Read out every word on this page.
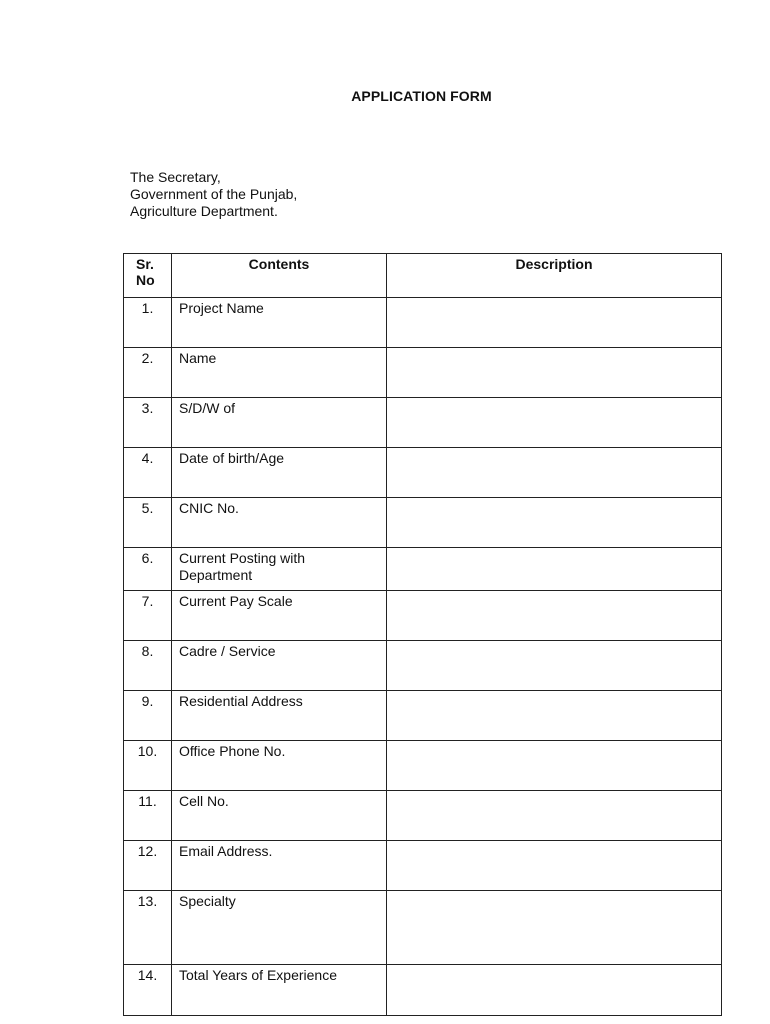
APPLICATION FORM
The Secretary,
Government of the Punjab,
Agriculture Department.
Sr.
No	Contents	Description
1.	Project Name	
2.	Name	
3.	S/D/W of	
4.	Date of birth/Age	
5.	CNIC No.	
6.	Current Posting with Department	
7.	Current Pay Scale	
8.	Cadre / Service	
9.	Residential Address	
10.	Office Phone No.	
11.	Cell No.	
12.	Email Address.	
13.	Specialty	
14.	Total Years of Experience	
